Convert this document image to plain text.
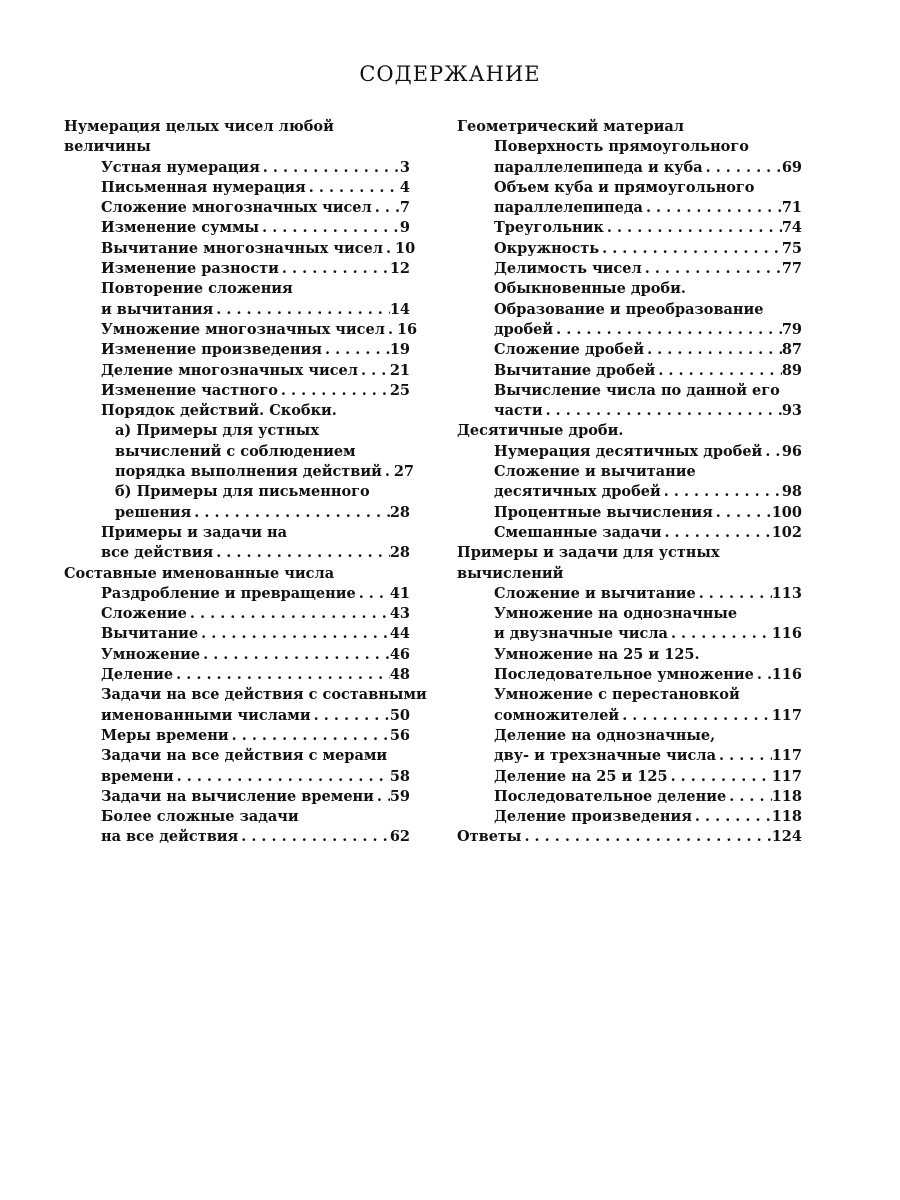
СОДЕРЖАНИЕ
Нумерация целых чисел любой
величины
Устная нумерация . . .	3
Письменная нумерация . . .	4
Сложение многозначных чисел . . . 7
Изменение суммы . . .	9
Вычитание многозначных чисел . . . 10
Изменение разности . . .	12
Повторение сложения
и вычитания . . .	14
Умножение многозначных чисел . . . 16
Изменение произведения . . .	19
Деление многозначных чисел . . . 21
Изменение частного . . .	25
Порядок действий. Скобки.
а) Примеры для устных
вычислений с соблюдением
порядка выполнения действий . . . 27
б) Примеры для письменного
решения . . .	28
Примеры и задачи на
все действия . . .	28
Составные именованные числа
Раздробление и превращение . . . 41
Сложение . . .	43
Вычитание . . .	44
Умножение . . .	46
Деление . . .	48
Задачи на все действия с составными
именованными числами . . .	50
Меры времени . . .	56
Задачи на все действия с мерами
времени . . .	58
Задачи на вычисление времени . . . 59
Более сложные задачи
на все действия . . .	62
Геометрический материал
Поверхность прямоугольного
параллелепипеда и куба . . .	69
Объем куба и прямоугольного
параллелепипеда . . .	71
Треугольник . . .	74
Окружность . . .	75
Делимость чисел . . .	77
Обыкновенные дроби.
Образование и преобразование
дробей . . .	79
Сложение дробей . . .	87
Вычитание дробей . . .	89
Вычисление числа по данной его
части . . .	93
Десятичные дроби.
Нумерация десятичных дробей . . . 96
Сложение и вычитание
десятичных дробей . . .	98
Процентные вычисления . . .	100
Смешанные задачи . . .	102
Примеры и задачи для устных
вычислений
Сложение и вычитание . . .	113
Умножение на однозначные
и двузначные числа . . .	116
Умножение на 25 и 125.
Последовательное умножение . . . 116
Умножение с перестановкой
сомножителей . . .	117
Деление на однозначные,
дву- и трехзначные числа . . .	117
Деление на 25 и 125 . . .	117
Последовательное деление . . .	118
Деление произведения . . .	118
Ответы . . .	124
